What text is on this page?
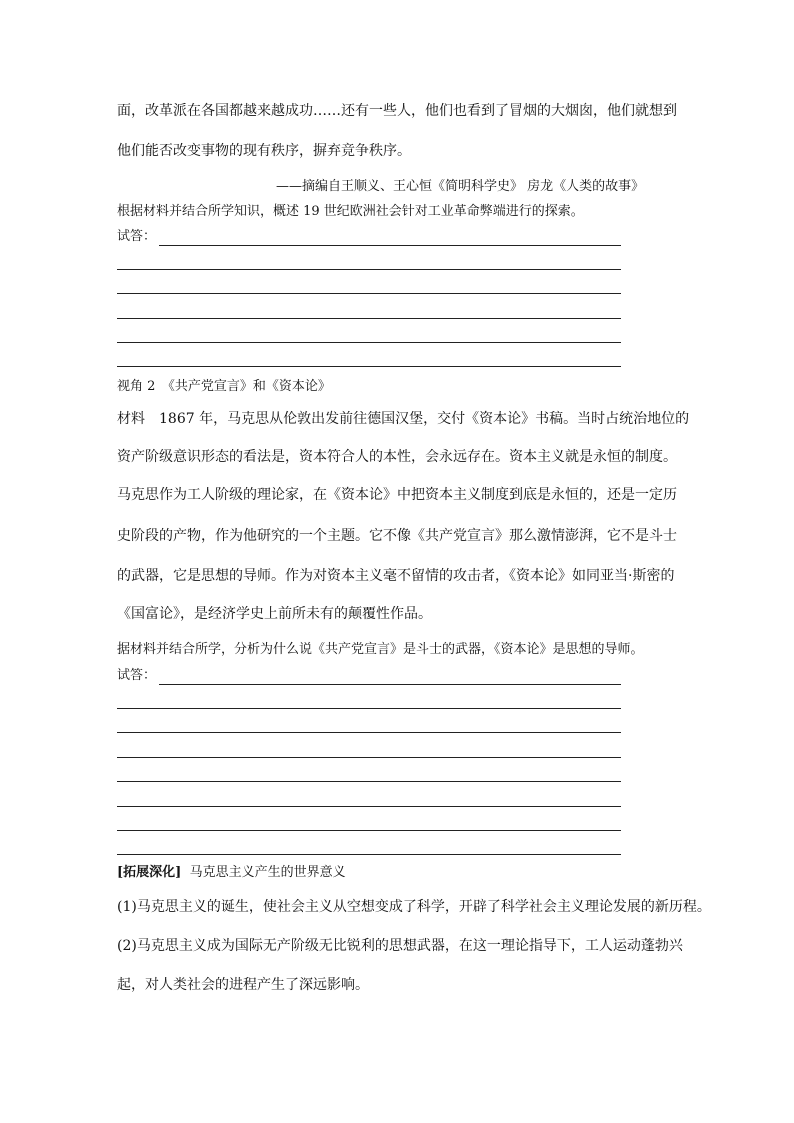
面，改革派在各国都越来越成功……还有一些人，他们也看到了冒烟的大烟囱，他们就想到
他们能否改变事物的现有秩序，摒弃竞争秩序。
——摘编自王顺义、王心恒《简明科学史》 房龙《人类的故事》
根据材料并结合所学知识，概述 19 世纪欧洲社会针对工业革命弊端进行的探索。
试答：
视角 2　《共产党宣言》和《资本论》
材料　1867 年，马克思从伦敦出发前往德国汉堡，交付《资本论》书稿。当时占统治地位的
资产阶级意识形态的看法是，资本符合人的本性，会永远存在。资本主义就是永恒的制度。
马克思作为工人阶级的理论家，在《资本论》中把资本主义制度到底是永恒的，还是一定历
史阶段的产物，作为他研究的一个主题。它不像《共产党宣言》那么激情澎湃，它不是斗士
的武器，它是思想的导师。作为对资本主义毫不留情的攻击者，《资本论》如同亚当·斯密的
《国富论》，是经济学史上前所未有的颠覆性作品。
据材料并结合所学，分析为什么说《共产党宣言》是斗士的武器，《资本论》是思想的导师。
试答：
[拓展深化] 马克思主义产生的世界意义
(1)马克思主义的诞生，使社会主义从空想变成了科学，开辟了科学社会主义理论发展的新历程。
(2)马克思主义成为国际无产阶级无比锐利的思想武器，在这一理论指导下，工人运动蓬勃兴
起，对人类社会的进程产生了深远影响。
